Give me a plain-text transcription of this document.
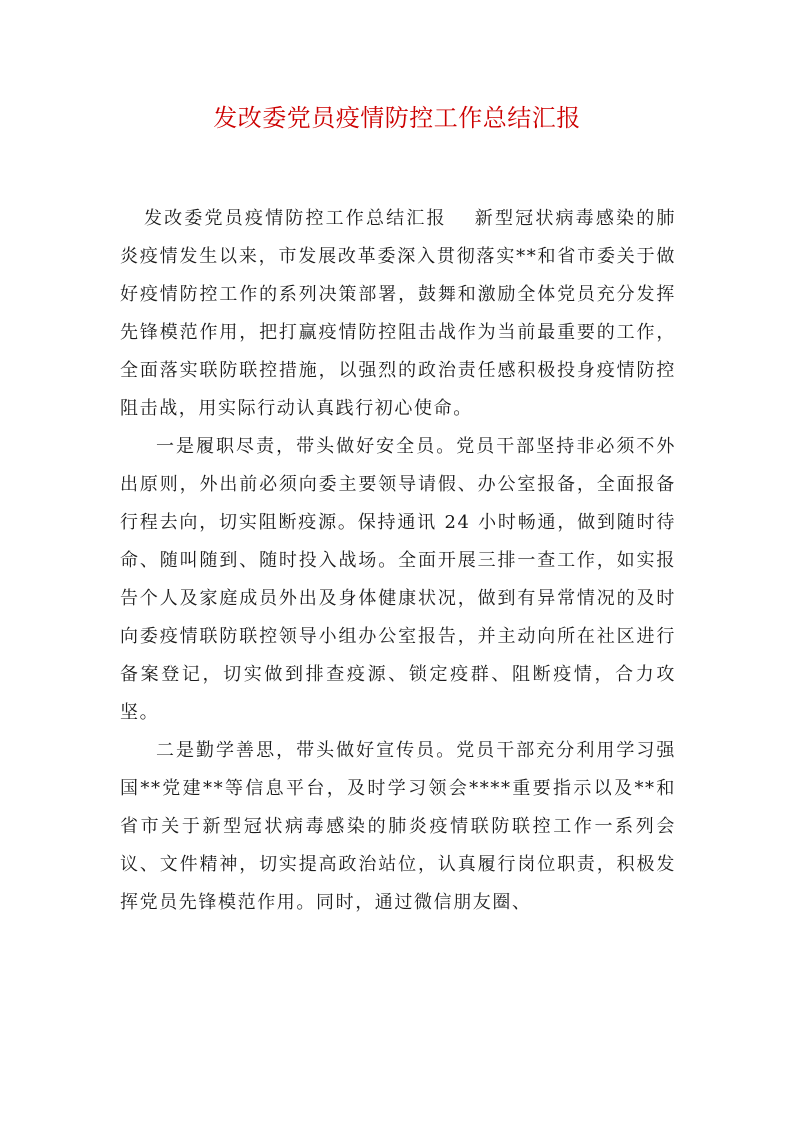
发改委党员疫情防控工作总结汇报

发改委党员疫情防控工作总结汇报　 新型冠状病毒感染的肺炎疫情发生以来，市发展改革委深入贯彻落实**和省市委关于做好疫情防控工作的系列决策部署，鼓舞和激励全体党员充分发挥先锋模范作用，把打赢疫情防控阻击战作为当前最重要的工作，全面落实联防联控措施，以强烈的政治责任感积极投身疫情防控阻击战，用实际行动认真践行初心使命。

一是履职尽责，带头做好安全员。党员干部坚持非必须不外出原则，外出前必须向委主要领导请假、办公室报备，全面报备行程去向，切实阻断疫源。保持通讯 24 小时畅通，做到随时待命、随叫随到、随时投入战场。全面开展三排一查工作，如实报告个人及家庭成员外出及身体健康状况，做到有异常情况的及时向委疫情联防联控领导小组办公室报告，并主动向所在社区进行备案登记，切实做到排查疫源、锁定疫群、阻断疫情，合力攻坚。

二是勤学善思，带头做好宣传员。党员干部充分利用学习强国**党建**等信息平台，及时学习领会****重要指示以及**和省市关于新型冠状病毒感染的肺炎疫情联防联控工作一系列会议、文件精神，切实提高政治站位，认真履行岗位职责，积极发挥党员先锋模范作用。同时，通过微信朋友圈、
